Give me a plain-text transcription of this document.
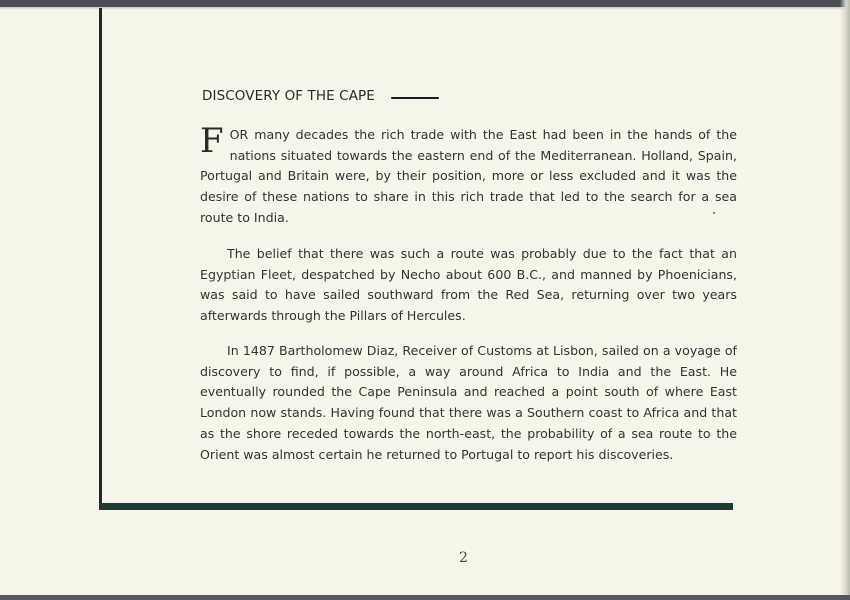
DISCOVERY OF THE CAPE
FOR many decades the rich trade with the East had been in the hands of the nations situated towards the eastern end of the Mediterranean. Holland, Spain, Portugal and Britain were, by their position, more or less excluded and it was the desire of these nations to share in this rich trade that led to the search for a sea route to India.
The belief that there was such a route was probably due to the fact that an Egyptian Fleet, despatched by Necho about 600 B.C., and manned by Phoenicians, was said to have sailed southward from the Red Sea, returning over two years afterwards through the Pillars of Hercules.
In 1487 Bartholomew Diaz, Receiver of Customs at Lisbon, sailed on a voyage of discovery to find, if possible, a way around Africa to India and the East. He eventually rounded the Cape Peninsula and reached a point south of where East London now stands. Having found that there was a Southern coast to Africa and that as the shore receded towards the north-east, the probability of a sea route to the Orient was almost certain he returned to Portugal to report his discoveries.
2
